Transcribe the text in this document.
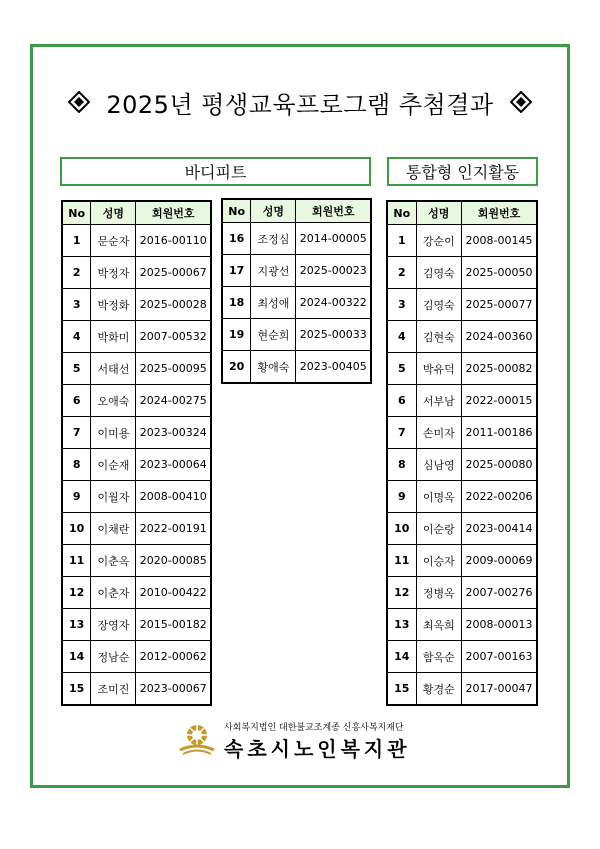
2025년 평생교육프로그램 추첨결과
바디피트	통합형 인지활동
No	성명	회원번호
1	문순자	2016-00110
2	박정자	2025-00067
3	박정화	2025-00028
4	박화미	2007-00532
5	서태선	2025-00095
6	오애숙	2024-00275
7	이미용	2023-00324
8	이순재	2023-00064
9	이월자	2008-00410
10	이채란	2022-00191
11	이춘옥	2020-00085
12	이춘자	2010-00422
13	장영자	2015-00182
14	정남순	2012-00062
15	조미진	2023-00067
No	성명	회원번호
16	조정심	2014-00005
17	지광선	2025-00023
18	최성애	2024-00322
19	현순희	2025-00033
20	황애숙	2023-00405
No	성명	회원번호
1	강순이	2008-00145
2	김영숙	2025-00050
3	김영숙	2025-00077
4	김현숙	2024-00360
5	박유덕	2025-00082
6	서부남	2022-00015
7	손미자	2011-00186
8	심남영	2025-00080
9	이명옥	2022-00206
10	이순랑	2023-00414
11	이승자	2009-00069
12	정병옥	2007-00276
13	최옥희	2008-00013
14	함옥순	2007-00163
15	황경순	2017-00047
사회복지법인 대한불교조계종 신흥사복지재단
속초시노인복지관
